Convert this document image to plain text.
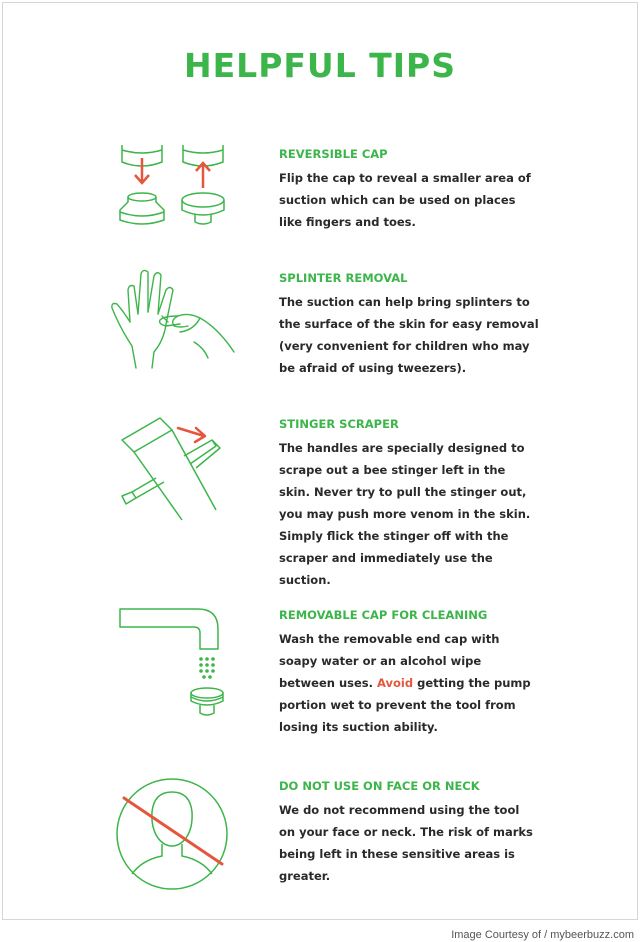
HELPFUL TIPS
REVERSIBLE CAP
Flip the cap to reveal a smaller area of suction which can be used on places like fingers and toes.
SPLINTER REMOVAL
The suction can help bring splinters to the surface of the skin for easy removal (very convenient for children who may be afraid of using tweezers).
STINGER SCRAPER
The handles are specially designed to scrape out a bee stinger left in the skin. Never try to pull the stinger out, you may push more venom in the skin. Simply flick the stinger off with the scraper and immediately use the suction.
REMOVABLE CAP FOR CLEANING
Wash the removable end cap with soapy water or an alcohol wipe between uses. Avoid getting the pump portion wet to prevent the tool from losing its suction ability.
DO NOT USE ON FACE OR NECK
We do not recommend using the tool on your face or neck. The risk of marks being left in these sensitive areas is greater.
Image Courtesy of / mybeerbuzz.com
